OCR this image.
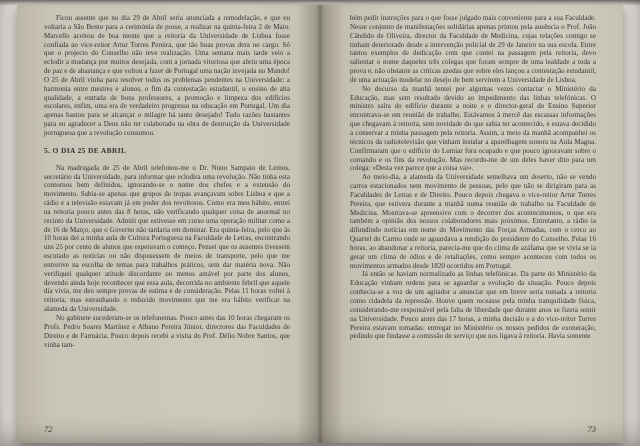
Ficou assente que no dia 29 de Abril seria anunciada a remodelação, e que eu voltaria a São Bento para a cerimónia de posse, a realizar na quinta-feira 2 de Maio. Marcello aceitou de boa mente que a reitoria da Universidade de Lisboa fosse confiada ao vice-reitor Artur Torres Pereira, que tão boas provas dera no cargo. Só que o projecto do Conselho não teve realização. Uma semana mais tarde veio a eclodir a mudança por muitos desejada, com a jornada vitoriosa que abriu uma época de paz e de abastança e que voltou a fazer de Portugal uma nação invejada no Mundo! O 25 de Abril vinha para resolver todos os problemas pendentes na Universidade: a harmonia entre mestres e alunos, o fim da contestação estudantil, o ensino de alta qualidade, a entrada de bons professores, a promoção e limpeza dos edifícios escolares, enfim, uma era de verdadeiro progresso na educação em Portugal. Um dia apenas bastou para se alcançar o milagre há tanto desejado! Tudo razões bastantes para eu agradecer a Deus não ter colaborado na obra de destruição da Universidade portuguesa que a revolução consumou.

5. O DIA 25 DE ABRIL

Na madrugada de 25 de Abril telefonou-me o Dr. Nuno Sampaio de Lemos, secretário da Universidade, para informar que eclodira uma revolução. Não tinha esta contornos bem definidos, ignorando-se o nome dos chefes e a extensão do movimento. Sabia-se apenas que grupos de tropas avançavam sobre Lisboa e que a rádio e a televisão estavam já em poder dos revoltosos. Como era meu hábito, entrei na reitoria pouco antes das 8 horas, não verificando qualquer coisa de anormal no recinto da Universidade. Admiti que estivesse em curso uma operação militar como a de 16 de Março, que o Governo não tardaria em dominar. Era quinta-feira, pelo que às 10 horas dei a minha aula de Cultura Portuguesa na Faculdade de Letras, encontrando uns 25 por cento de alunos que esperavam o começo. Pensei que os ausentes tivessem escutado as notícias ou não dispusessem de meios de transporte, pelo que me entretive na escolha de temas para trabalhos práticos, sem dar matéria nova. Não verifiquei qualquer atitude discordante ou menos amável por parte dos alunos, devendo ainda hoje reconhecer que essa aula, decorrida no ambiente febril que aquele dia vivia, me deu sempre provas de estima e de consideração. Pelas 11 horas voltei à reitoria, mas estranhando o reduzido movimento que me era hábito verificar na alameda da Universidade.

No gabinete sucederam-se os telefonemas. Pouco antes das 10 horas chegaram os Profs. Pedro Soares Martínez e Albano Pereira Júnior, directores das Faculdades de Direito e de Farmácia. Pouco depois recebi a visita do Prof. Délio Nobre Santos, que vinha tam-

72

bém pedir instruções para o que fosse julgado mais conveniente para a sua Faculdade. Nesse conjunto de manifestações solidárias apenas primou pela ausência o Prof. João Cândido de Oliveira, director da Faculdade de Medicina, cujas relações comigo se tinham deteriorado desde a intervenção policial de 29 de Janeiro na sua escola. Entre tantos exemplos de dedicação com que contei na passagem pela reitoria, devo salientar o nome daqueles três colegas que foram sempre de uma lealdade a toda a prova e, não obstante as críticas azedas que sobre eles lançou a contestação estudantil, de uma actuação modelar no desejo de bem servirem a Universidade de Lisboa.

No decurso da manhã tentei por algumas vezes contactar o Ministério da Educação, mas sem resultado devido ao impedimento das linhas telefónicas. O ministro saíra do edifício durante a noite e o director-geral do Ensino Superior encontrava-se em reunião de trabalho. Estávamos à mercê das escassas informações que chegavam à reitoria, sem novidade do que sabia ter acontecido, e estava decidido a conservar a minha passagem pela reitoria. Assim, a meio da manhã acompanhei os técnicos da radiotelevisão que vinham instalar a aparelhagem sonora na Aula Magna. Confirmaram que o edifício do Lumiar fora ocupado e que pouco ignoravam sobre o comando e os fins da revolução. Mas recordo-me de um deles haver dito para um colega: «Desta vez parece que a coisa vai».

Ao meio-dia, a alameda da Universidade semelhava um deserto, não se vendo carros estacionados nem movimento de pessoas, pelo que não se dirigiram para as Faculdades de Letras e de Direito. Pouco depois chegava o vice-reitor Artur Torres Pereira, que estivera durante a manhã numa reunião de trabalho na Faculdade de Medicina. Mostrava-se apreensivo com o decorrer dos acontecimentos, o que era também a opinião dos nossos colaboradores mais próximos. Entretanto, a rádio ia difundindo notícias em nome do Movimento das Forças Armadas, com o cerco ao Quartel do Carmo onde se aguardava a rendição do presidente do Conselho. Pelas 16 horas, ao abandonar a reitoria, parecia-me que do clima de azáfama que se vivia se ia gerar um clima de ódios e de retaliações, como sempre aconteceu com todos os movimentos armados desde 1820 ocorridos em Portugal.

Já então se haviam normalizado as linhas telefónicas. Da parte do Ministério da Educação vinham ordens para se aguardar a evolução da situação. Pouco depois conhecia-se a voz de um agitador a anunciar que em breve seria tomada a reitoria como cidadela da repressão. Houve quem receasse pela minha tranquilidade física, considerando-me responsável pela falta de liberdade que durante anos se fizera sentir na Universidade. Pouco antes das 17 horas, a minha decisão e a do vice-reitor Torres Pereira estavam tomadas: entregar no Ministério os nossos pedidos de exoneração, pedindo que findasse a comissão de serviço que nos ligava à reitoria. Havia somente

73
